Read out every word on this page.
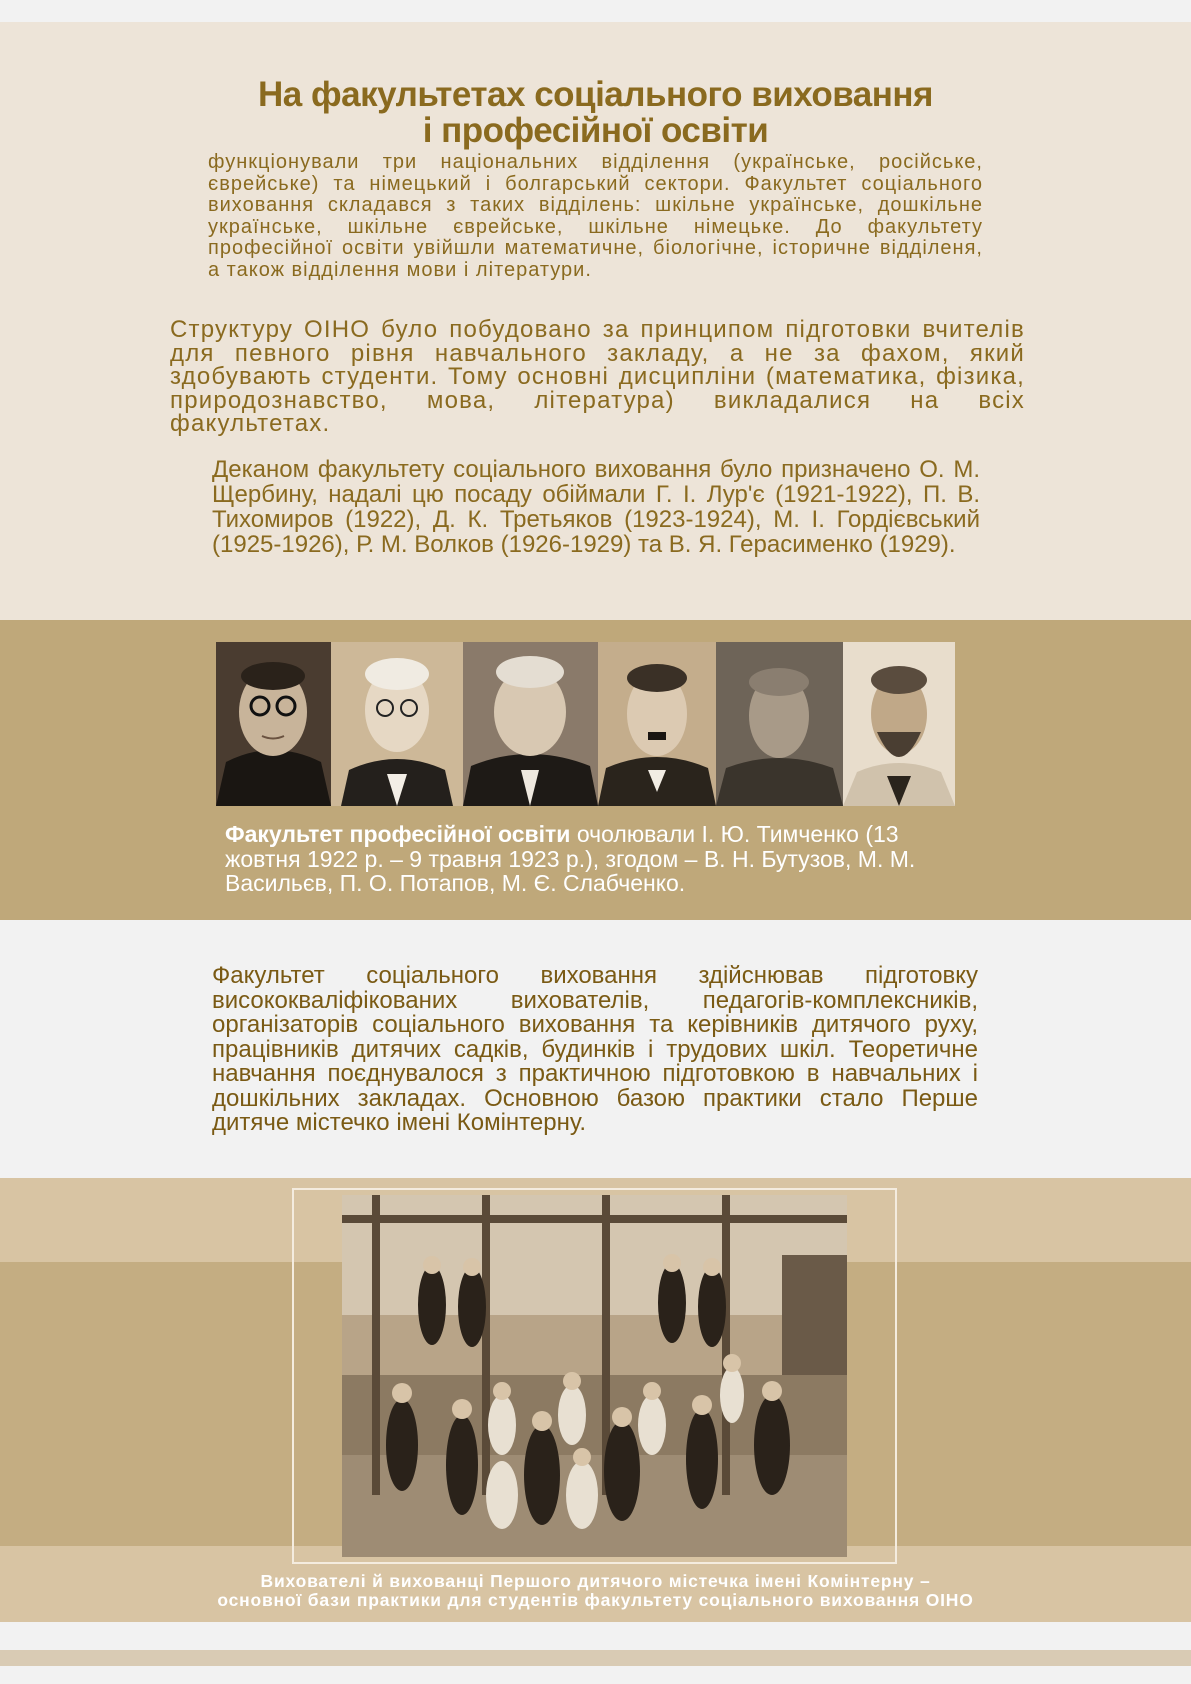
На факультетах соціального виховання
і професійної освіти

функціонували три національних відділення (українське, російське, єврейське) та німецький і болгарський сектори. Факультет соціального виховання складався з таких відділень: шкільне українське, дошкільне українське, шкільне єврейське, шкільне німецьке. До факультету професійної освіти увійшли математичне, біологічне, історичне відділеня, а також відділення мови і літератури.

Структуру ОІНО було побудовано за принципом підготовки вчителів для певного рівня навчального закладу, а не за фахом, який здобувають студенти. Тому основні дисципліни (математика, фізика, природознавство, мова, література) викладалися на всіх факультетах.

Деканом факультету соціального виховання було призначено О. М. Щербину, надалі цю посаду обіймали Г. І. Лур'є (1921-1922), П. В. Тихомиров (1922), Д. К. Третьяков (1923-1924), М. І. Гордієвський (1925-1926), Р. М. Волков (1926-1929) та В. Я. Герасименко (1929).

Факультет професійної освіти очолювали І. Ю. Тимченко (13 жовтня 1922 р. – 9 травня 1923 р.), згодом – В. Н. Бутузов, М. М. Васильєв, П. О. Потапов, М. Є. Слабченко.

Факультет соціального виховання здійснював підготовку висококваліфікованих вихователів, педагогів-комплексників, організаторів соціального виховання та керівників дитячого руху, працівників дитячих садків, будинків і трудових шкіл. Теоретичне навчання поєднувалося з практичною підготовкою в навчальних і дошкільних закладах. Основною базою практики стало Перше дитяче містечко імені Комінтерну.

Вихователі й вихованці Першого дитячого містечка імені Комінтерну –
основної бази практики для студентів факультету соціального виховання ОІНО
